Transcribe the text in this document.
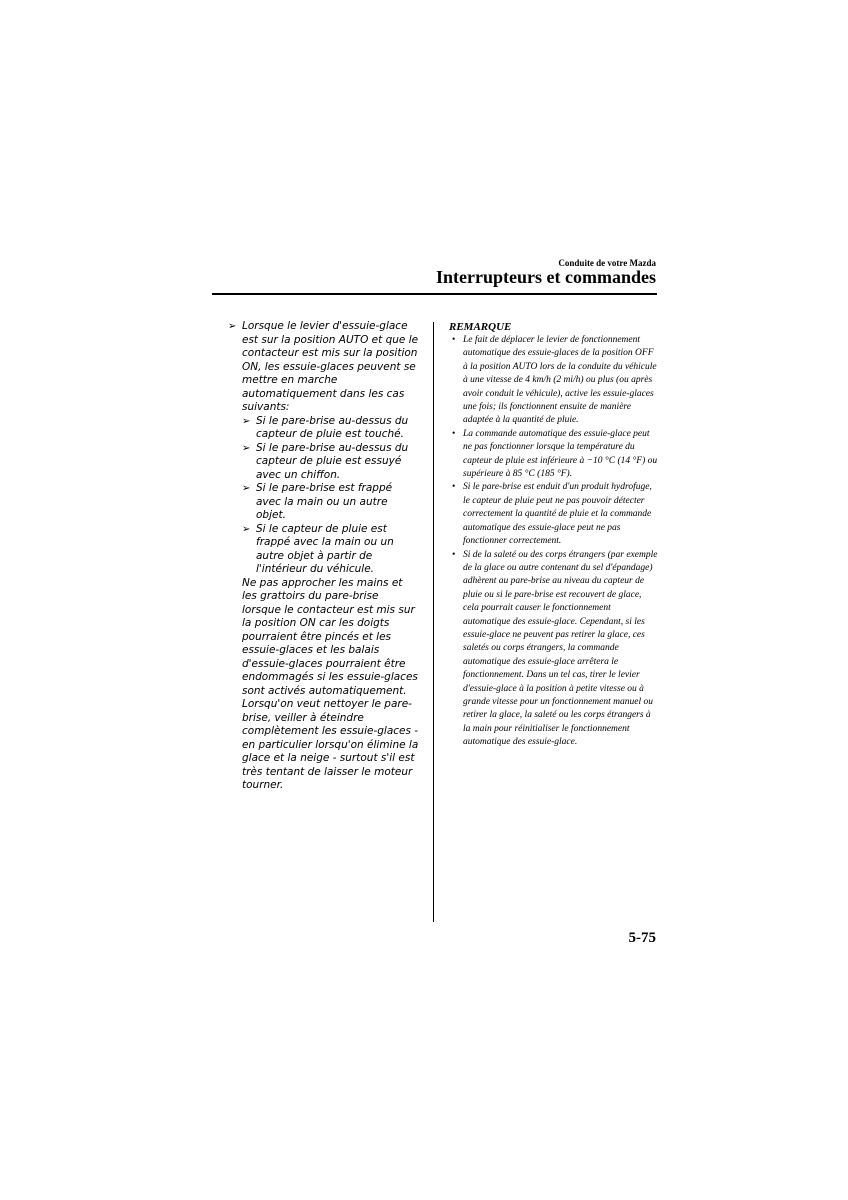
Conduite de votre Mazda
Interrupteurs et commandes
➢ Lorsque le levier d'essuie-glace est sur la position AUTO et que le contacteur est mis sur la position ON, les essuie-glaces peuvent se mettre en marche automatiquement dans les cas suivants:
➢ Si le pare-brise au-dessus du capteur de pluie est touché.
➢ Si le pare-brise au-dessus du capteur de pluie est essuyé avec un chiffon.
➢ Si le pare-brise est frappé avec la main ou un autre objet.
➢ Si le capteur de pluie est frappé avec la main ou un autre objet à partir de l'intérieur du véhicule.
Ne pas approcher les mains et les grattoirs du pare-brise lorsque le contacteur est mis sur la position ON car les doigts pourraient être pincés et les essuie-glaces et les balais d'essuie-glaces pourraient être endommagés si les essuie-glaces sont activés automatiquement.
Lorsqu'on veut nettoyer le pare-brise, veiller à éteindre complètement les essuie-glaces - en particulier lorsqu'on élimine la glace et la neige - surtout s'il est très tentant de laisser le moteur tourner.
REMARQUE
• Le fait de déplacer le levier de fonctionnement automatique des essuie-glaces de la position OFF à la position AUTO lors de la conduite du véhicule à une vitesse de 4 km/h (2 mi/h) ou plus (ou après avoir conduit le véhicule), active les essuie-glaces une fois; ils fonctionnent ensuite de manière adaptée à la quantité de pluie.
• La commande automatique des essuie-glace peut ne pas fonctionner lorsque la température du capteur de pluie est inférieure à −10 °C (14 °F) ou supérieure à 85 °C (185 °F).
• Si le pare-brise est enduit d'un produit hydrofuge, le capteur de pluie peut ne pas pouvoir détecter correctement la quantité de pluie et la commande automatique des essuie-glace peut ne pas fonctionner correctement.
• Si de la saleté ou des corps étrangers (par exemple de la glace ou autre contenant du sel d'épandage) adhèrent au pare-brise au niveau du capteur de pluie ou si le pare-brise est recouvert de glace, cela pourrait causer le fonctionnement automatique des essuie-glace. Cependant, si les essuie-glace ne peuvent pas retirer la glace, ces saletés ou corps étrangers, la commande automatique des essuie-glace arrêtera le fonctionnement. Dans un tel cas, tirer le levier d'essuie-glace à la position à petite vitesse ou à grande vitesse pour un fonctionnement manuel ou retirer la glace, la saleté ou les corps étrangers à la main pour réinitialiser le fonctionnement automatique des essuie-glace.
5-75
